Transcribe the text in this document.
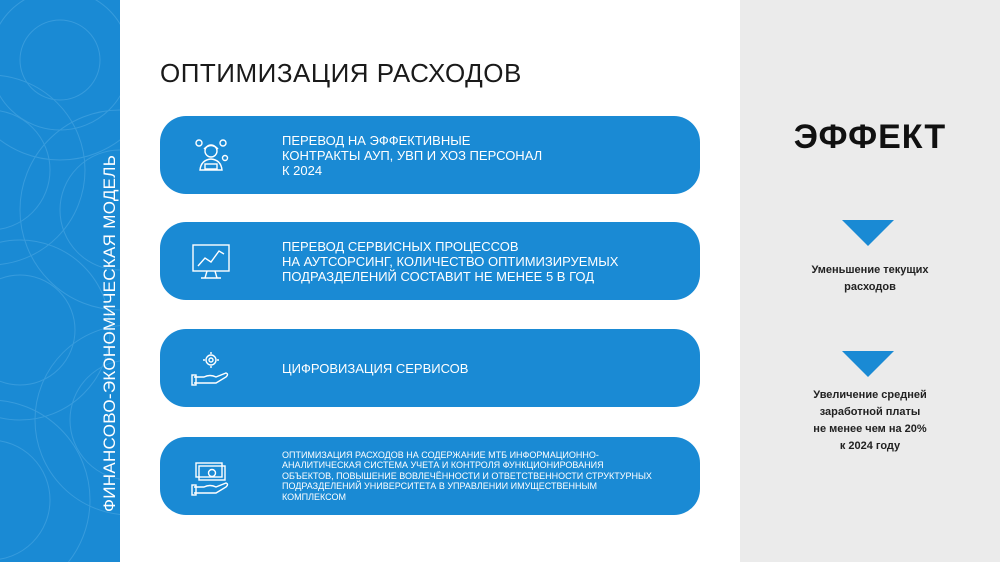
ФИНАНСОВО-ЭКОНОМИЧЕСКАЯ МОДЕЛЬ
ОПТИМИЗАЦИЯ РАСХОДОВ
ПЕРЕВОД НА ЭФФЕКТИВНЫЕ
КОНТРАКТЫ АУП, УВП И ХОЗ ПЕРСОНАЛ
К 2024
ПЕРЕВОД СЕРВИСНЫХ ПРОЦЕССОВ
НА АУТСОРСИНГ, КОЛИЧЕСТВО ОПТИМИЗИРУЕМЫХ
ПОДРАЗДЕЛЕНИЙ СОСТАВИТ НЕ МЕНЕЕ 5 В ГОД
ЦИФРОВИЗАЦИЯ СЕРВИСОВ
ОПТИМИЗАЦИЯ РАСХОДОВ НА СОДЕРЖАНИЕ МТБ ИНФОРМАЦИОННО-
АНАЛИТИЧЕСКАЯ СИСТЕМА УЧЕТА И КОНТРОЛЯ ФУНКЦИОНИРОВАНИЯ
ОБЪЕКТОВ, ПОВЫШЕНИЕ ВОВЛЕЧЁННОСТИ И ОТВЕТСТВЕННОСТИ СТРУКТУРНЫХ
ПОДРАЗДЕЛЕНИЙ УНИВЕРСИТЕТА В УПРАВЛЕНИИ ИМУЩЕСТВЕННЫМ
КОМПЛЕКСОМ
ЭФФЕКТ
Уменьшение текущих
расходов
Увеличение средней
заработной платы
не менее чем на 20%
к 2024 году
